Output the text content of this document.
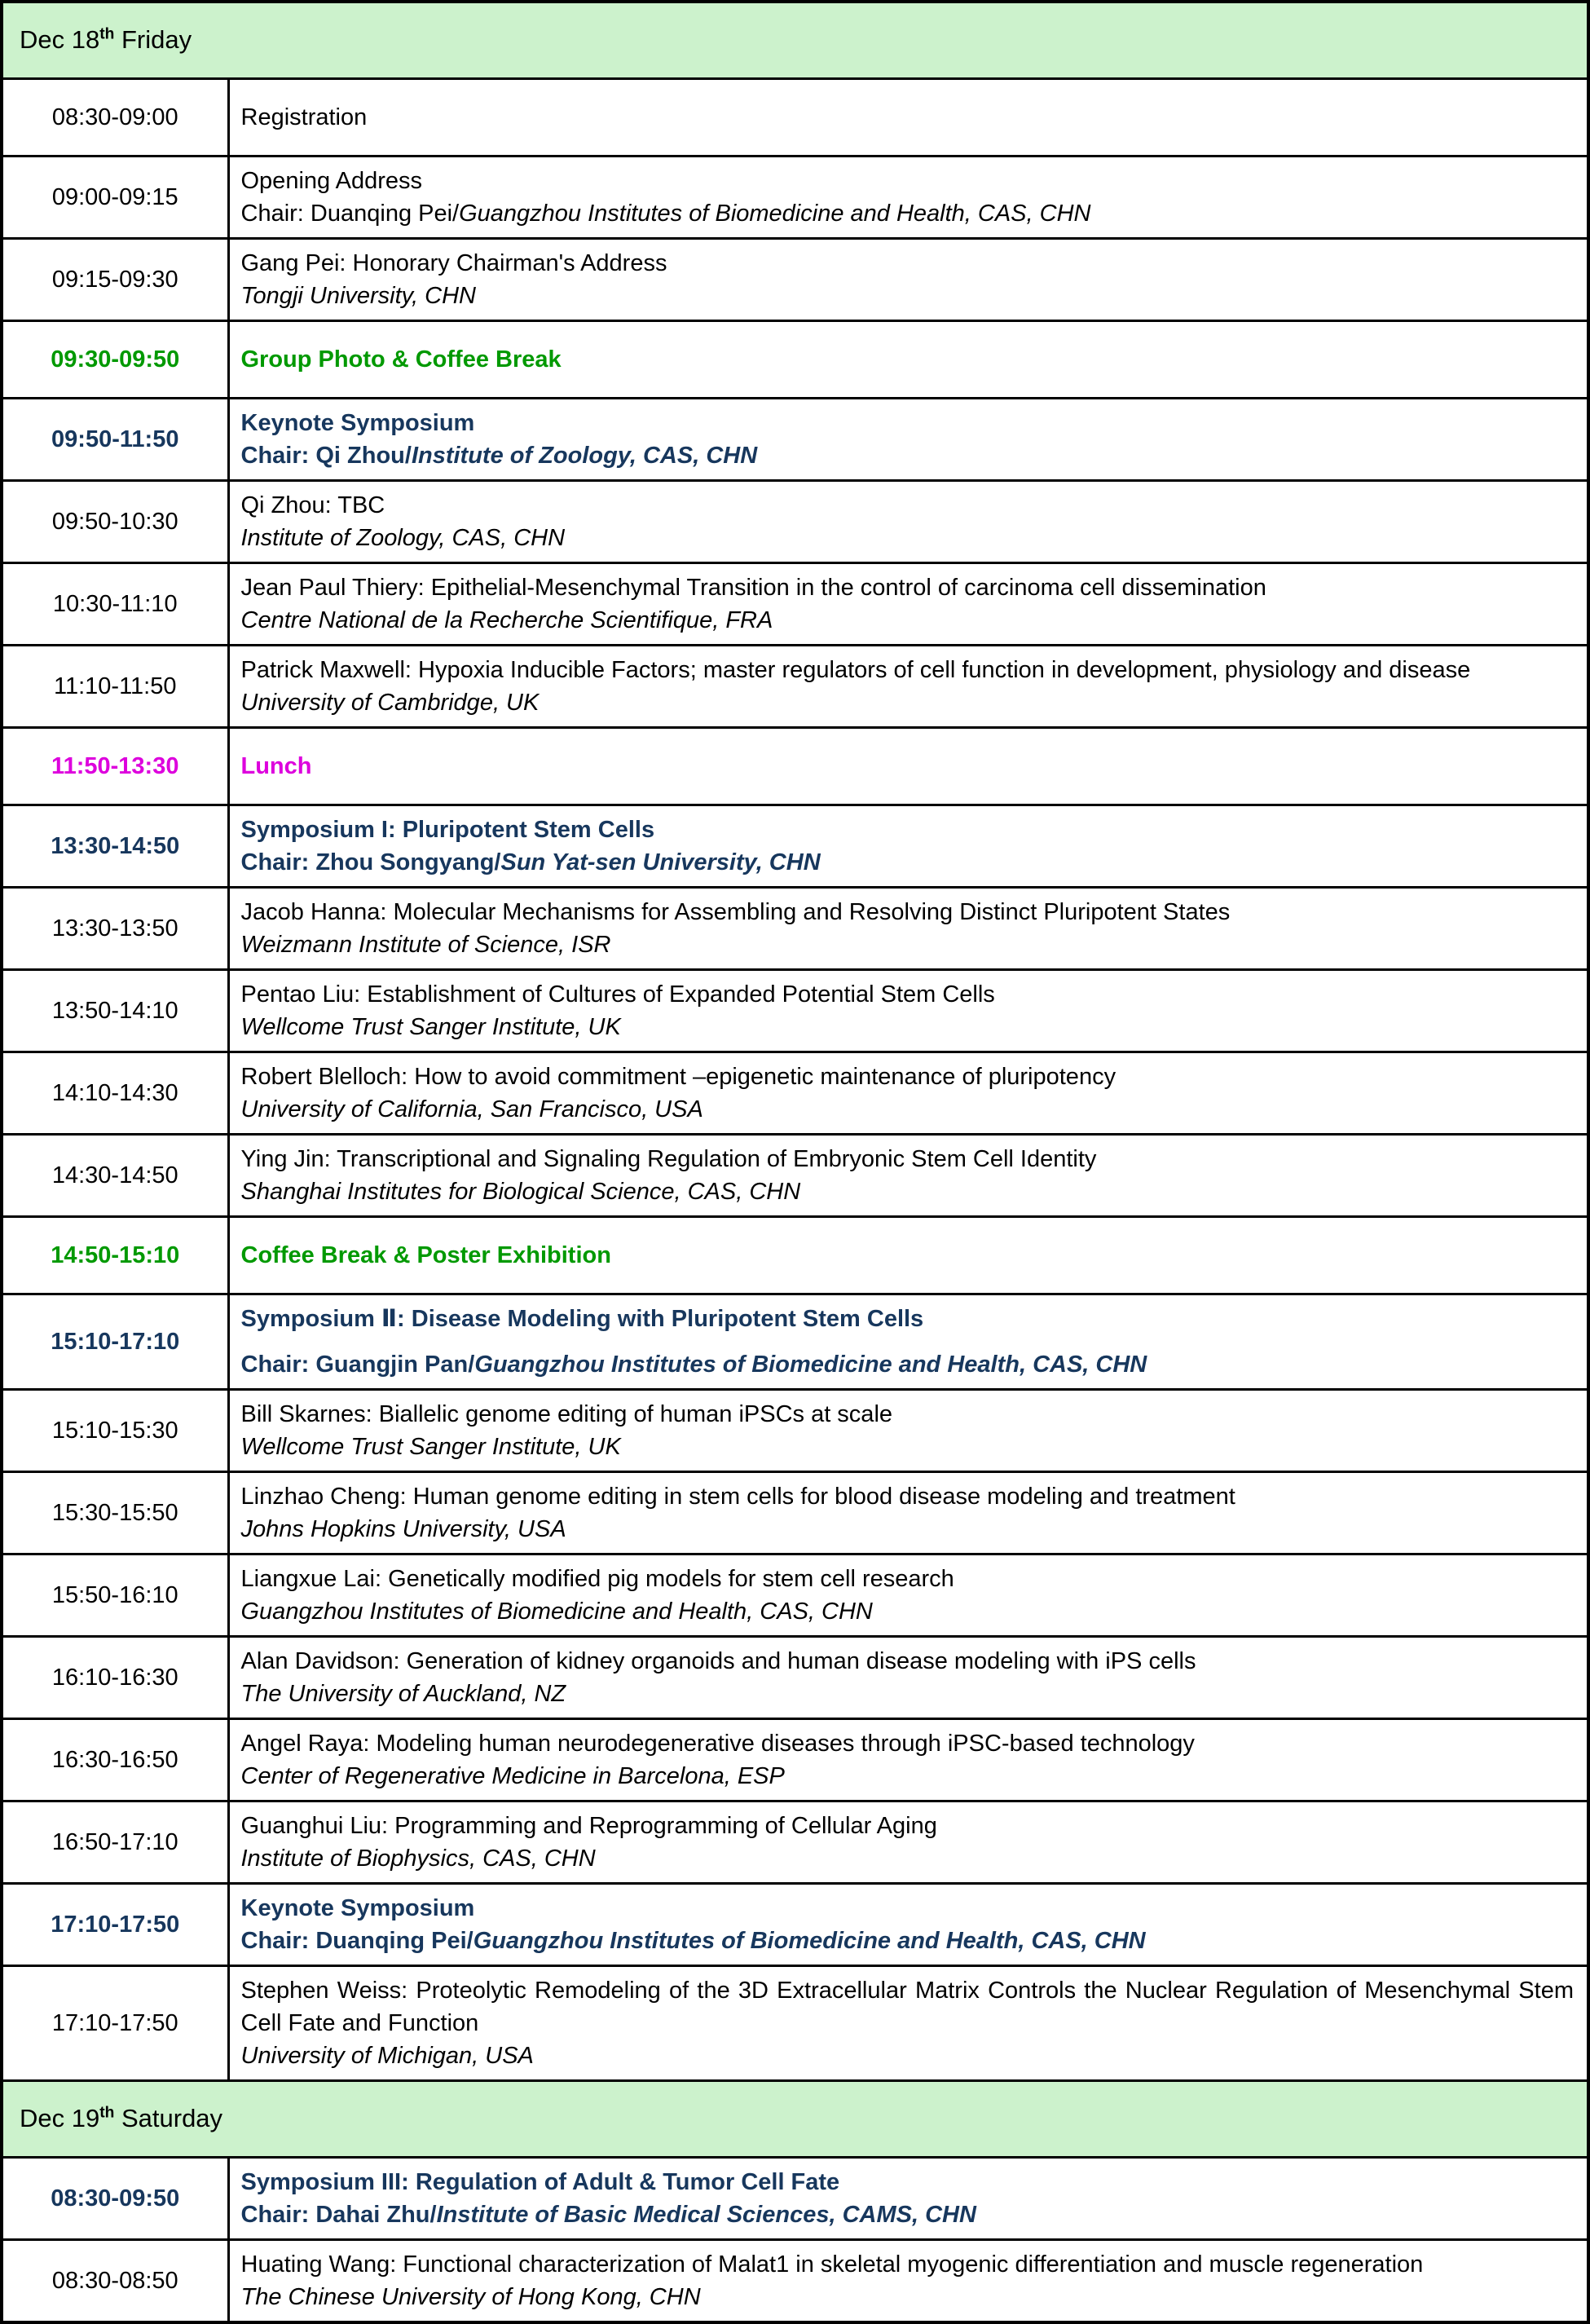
Dec 18th Friday	
08:30-09:00	Registration

09:00-09:15	Opening Address
Chair: Duanqing Pei/Guangzhou Institutes of Biomedicine and Health, CAS, CHN

09:15-09:30	Gang Pei: Honorary Chairman's Address
Tongji University, CHN

09:30-09:50	Group Photo & Coffee Break

09:50-11:50	Keynote Symposium
Chair: Qi Zhou/Institute of Zoology, CAS, CHN

09:50-10:30	Qi Zhou: TBC
Institute of Zoology, CAS, CHN

10:30-11:10	Jean Paul Thiery: Epithelial-Mesenchymal Transition in the control of carcinoma cell dissemination
Centre National de la Recherche Scientifique, FRA

11:10-11:50	Patrick Maxwell: Hypoxia Inducible Factors; master regulators of cell function in development, physiology and disease
University of Cambridge, UK

11:50-13:30	Lunch

13:30-14:50	Symposium I: Pluripotent Stem Cells
Chair: Zhou Songyang/Sun Yat-sen University, CHN

13:30-13:50	Jacob Hanna: Molecular Mechanisms for Assembling and Resolving Distinct Pluripotent States
Weizmann Institute of Science, ISR

13:50-14:10	Pentao Liu: Establishment of Cultures of Expanded Potential Stem Cells
Wellcome Trust Sanger Institute, UK

14:10-14:30	Robert Blelloch: How to avoid commitment –epigenetic maintenance of pluripotency
University of California, San Francisco, USA

14:30-14:50	Ying Jin: Transcriptional and Signaling Regulation of Embryonic Stem Cell Identity
Shanghai Institutes for Biological Science, CAS, CHN

14:50-15:10	Coffee Break & Poster Exhibition

15:10-17:10	Symposium Ⅱ: Disease Modeling with Pluripotent Stem Cells
Chair: Guangjin Pan/Guangzhou Institutes of Biomedicine and Health, CAS, CHN

15:10-15:30	Bill Skarnes: Biallelic genome editing of human iPSCs at scale
Wellcome Trust Sanger Institute, UK

15:30-15:50	Linzhao Cheng: Human genome editing in stem cells for blood disease modeling and treatment
Johns Hopkins University, USA

15:50-16:10	Liangxue Lai: Genetically modified pig models for stem cell research
Guangzhou Institutes of Biomedicine and Health, CAS, CHN

16:10-16:30	Alan Davidson: Generation of kidney organoids and human disease modeling with iPS cells
The University of Auckland, NZ

16:30-16:50	Angel Raya: Modeling human neurodegenerative diseases through iPSC-based technology
Center of Regenerative Medicine in Barcelona, ESP

16:50-17:10	Guanghui Liu: Programming and Reprogramming of Cellular Aging
Institute of Biophysics, CAS, CHN

17:10-17:50	Keynote Symposium
Chair: Duanqing Pei/Guangzhou Institutes of Biomedicine and Health, CAS, CHN

17:10-17:50	Stephen Weiss: Proteolytic Remodeling of the 3D Extracellular Matrix Controls the Nuclear Regulation of Mesenchymal Stem Cell Fate and Function
University of Michigan, USA

Dec 19th Saturday	
08:30-09:50	Symposium III: Regulation of Adult & Tumor Cell Fate
Chair: Dahai Zhu/Institute of Basic Medical Sciences, CAMS, CHN

08:30-08:50	Huating Wang: Functional characterization of Malat1 in skeletal myogenic differentiation and muscle regeneration
The Chinese University of Hong Kong, CHN
